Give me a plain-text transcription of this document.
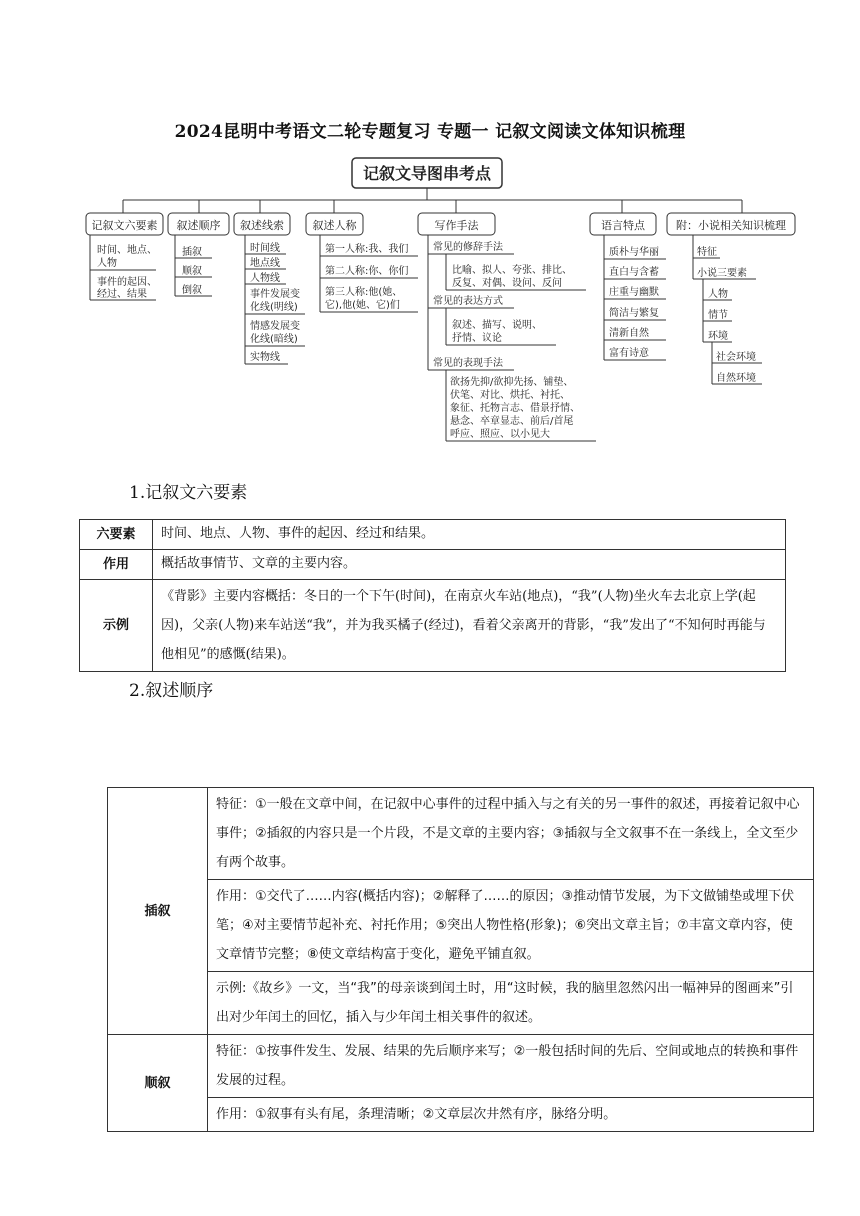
2024昆明中考语文二轮专题复习 专题一 记叙文阅读文体知识梳理
记叙文导图串考点
记叙文六要素 叙述顺序 叙述线索	叙述人称	写作手法	语言特点	附：小说相关知识梳理
时间、地点、
人物
事件的起因、
经过、结果
插叙
顺叙
倒叙
时间线
地点线
人物线
事件发展变
化线(明线)
情感发展变
化线(暗线)
实物线
第一人称:我、我们
第二人称:你、你们
第三人称:他(她、
它),他(她、它)们
常见的修辞手法
比喻、拟人、夸张、排比、
反复、对偶、设问、反问
常见的表达方式
叙述、描写、说明、
抒情、议论
常见的表现手法
欲扬先抑/欲抑先扬、铺垫、
伏笔、对比、烘托、衬托、
象征、托物言志、借景抒情、
悬念、卒章显志、前后/首尾
呼应、照应、以小见大
质朴与华丽
直白与含蓄
庄重与幽默
简洁与繁复
清新自然
富有诗意
特征
小说三要素
人物
情节
环境
社会环境
自然环境
1.记叙文六要素
六要素	时间、地点、人物、事件的起因、经过和结果。
作用	概括故事情节、文章的主要内容。
示例	《背影》主要内容概括：冬日的一个下午(时间)，在南京火车站(地点)，“我”(人物)坐火车去北京上学(起因)，父亲(人物)来车站送“我”，并为我买橘子(经过)，看着父亲离开的背影，“我”发出了“不知何时再能与他相见”的感慨(结果)。
2.叙述顺序
插叙	特征：①一般在文章中间，在记叙中心事件的过程中插入与之有关的另一事件的叙述，再接着记叙中心事件；②插叙的内容只是一个片段，不是文章的主要内容；③插叙与全文叙事不在一条线上，全文至少有两个故事。
	作用：①交代了……内容(概括内容)；②解释了……的原因；③推动情节发展，为下文做铺垫或埋下伏笔；④对主要情节起补充、衬托作用；⑤突出人物性格(形象)；⑥突出文章主旨；⑦丰富文章内容，使文章情节完整；⑧使文章结构富于变化，避免平铺直叙。
	示例:《故乡》一文，当“我”的母亲谈到闰土时，用“这时候，我的脑里忽然闪出一幅神异的图画来”引出对少年闰土的回忆，插入与少年闰土相关事件的叙述。
顺叙	特征：①按事件发生、发展、结果的先后顺序来写；②一般包括时间的先后、空间或地点的转换和事件发展的过程。
	作用：①叙事有头有尾，条理清晰；②文章层次井然有序，脉络分明。
